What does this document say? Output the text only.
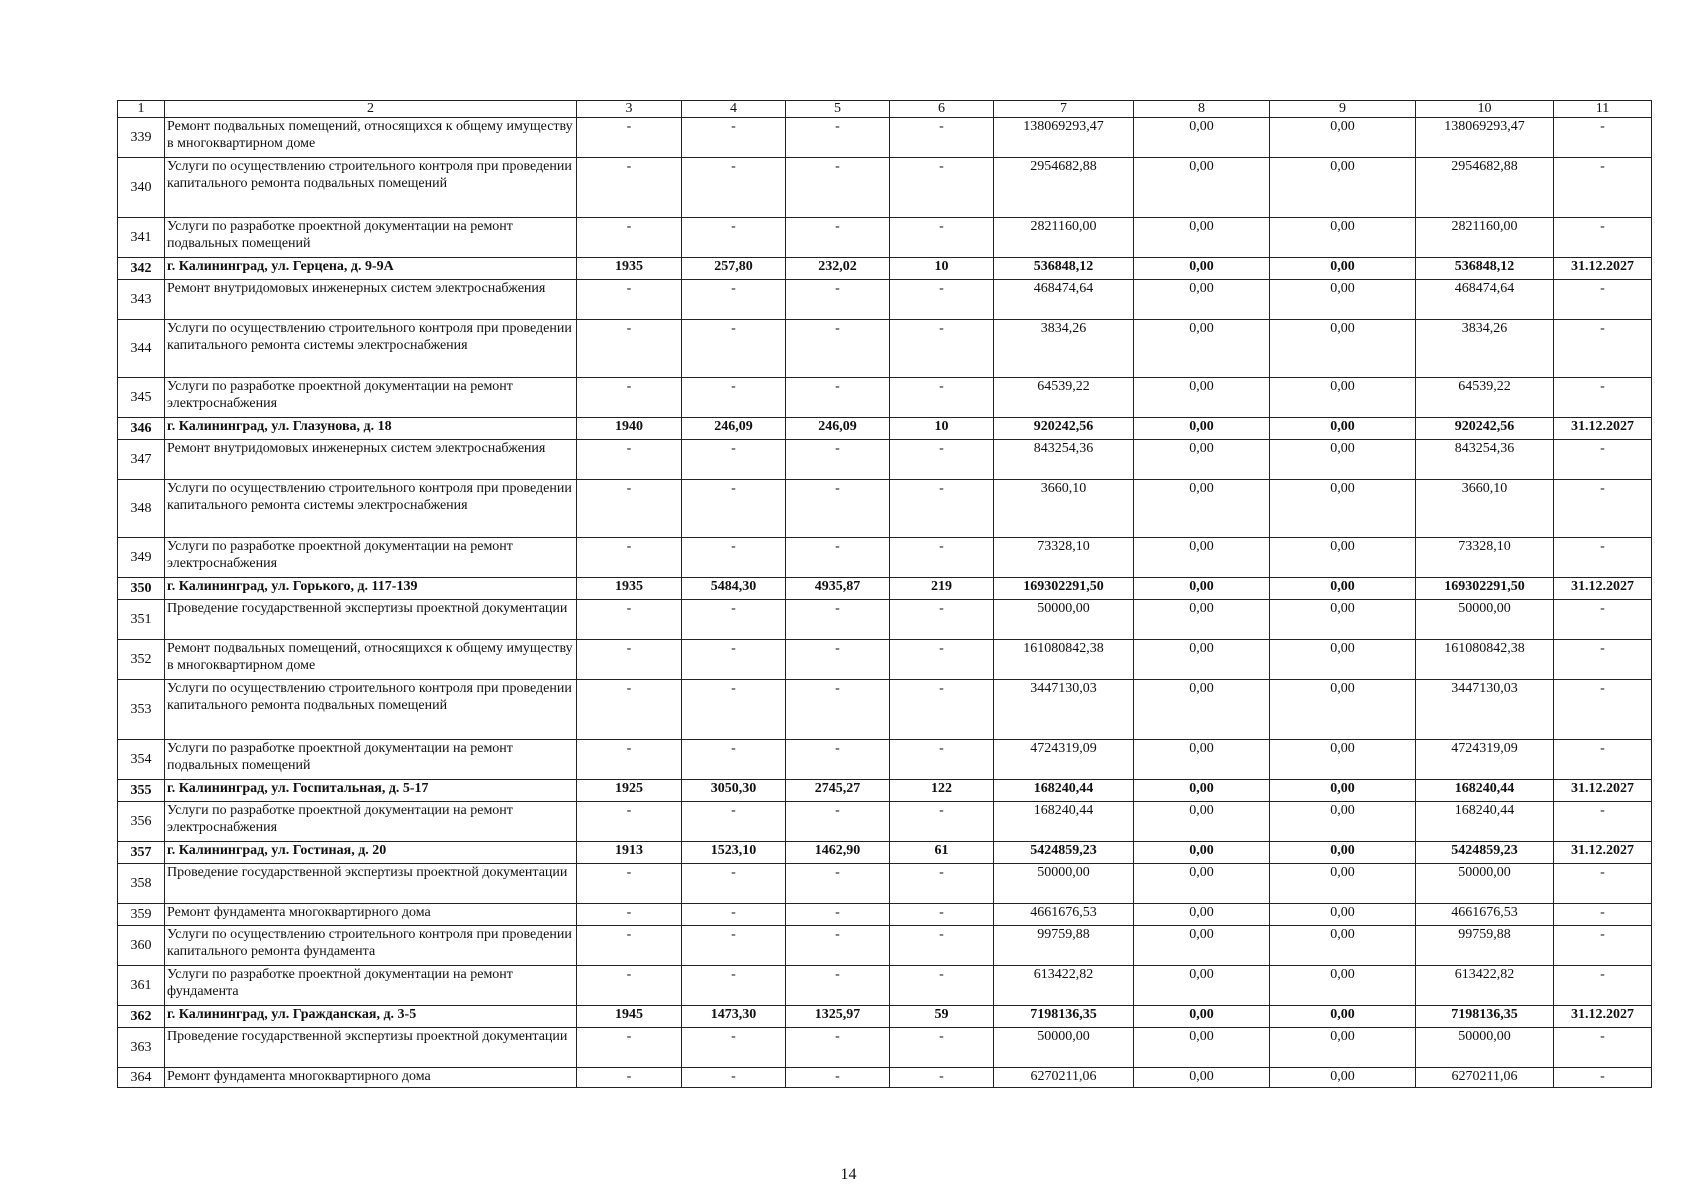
1	2	3	4	5	6	7	8	9	10	11
339	Ремонт подвальных помещений, относящихся к общему имуществу в многоквартирном доме	-	-	-	-	138069293,47	0,00	0,00	138069293,47	-
340	Услуги по осуществлению строительного контроля при проведении капитального ремонта подвальных помещений	-	-	-	-	2954682,88	0,00	0,00	2954682,88	-
341	Услуги по разработке проектной документации на ремонт подвальных помещений	-	-	-	-	2821160,00	0,00	0,00	2821160,00	-
342	г. Калининград, ул. Герцена, д. 9-9А	1935	257,80	232,02	10	536848,12	0,00	0,00	536848,12	31.12.2027
343	Ремонт внутридомовых инженерных систем электроснабжения	-	-	-	-	468474,64	0,00	0,00	468474,64	-
344	Услуги по осуществлению строительного контроля при проведении капитального ремонта системы электроснабжения	-	-	-	-	3834,26	0,00	0,00	3834,26	-
345	Услуги по разработке проектной документации на ремонт электроснабжения	-	-	-	-	64539,22	0,00	0,00	64539,22	-
346	г. Калининград, ул. Глазунова, д. 18	1940	246,09	246,09	10	920242,56	0,00	0,00	920242,56	31.12.2027
347	Ремонт внутридомовых инженерных систем электроснабжения	-	-	-	-	843254,36	0,00	0,00	843254,36	-
348	Услуги по осуществлению строительного контроля при проведении капитального ремонта системы электроснабжения	-	-	-	-	3660,10	0,00	0,00	3660,10	-
349	Услуги по разработке проектной документации на ремонт электроснабжения	-	-	-	-	73328,10	0,00	0,00	73328,10	-
350	г. Калининград, ул. Горького, д. 117-139	1935	5484,30	4935,87	219	169302291,50	0,00	0,00	169302291,50	31.12.2027
351	Проведение государственной экспертизы проектной документации	-	-	-	-	50000,00	0,00	0,00	50000,00	-
352	Ремонт подвальных помещений, относящихся к общему имуществу в многоквартирном доме	-	-	-	-	161080842,38	0,00	0,00	161080842,38	-
353	Услуги по осуществлению строительного контроля при проведении капитального ремонта подвальных помещений	-	-	-	-	3447130,03	0,00	0,00	3447130,03	-
354	Услуги по разработке проектной документации на ремонт подвальных помещений	-	-	-	-	4724319,09	0,00	0,00	4724319,09	-
355	г. Калининград, ул. Госпитальная, д. 5-17	1925	3050,30	2745,27	122	168240,44	0,00	0,00	168240,44	31.12.2027
356	Услуги по разработке проектной документации на ремонт электроснабжения	-	-	-	-	168240,44	0,00	0,00	168240,44	-
357	г. Калининград, ул. Гостиная, д. 20	1913	1523,10	1462,90	61	5424859,23	0,00	0,00	5424859,23	31.12.2027
358	Проведение государственной экспертизы проектной документации	-	-	-	-	50000,00	0,00	0,00	50000,00	-
359	Ремонт фундамента многоквартирного дома	-	-	-	-	4661676,53	0,00	0,00	4661676,53	-
360	Услуги по осуществлению строительного контроля при проведении капитального ремонта фундамента	-	-	-	-	99759,88	0,00	0,00	99759,88	-
361	Услуги по разработке проектной документации на ремонт фундамента	-	-	-	-	613422,82	0,00	0,00	613422,82	-
362	г. Калининград, ул. Гражданская, д. 3-5	1945	1473,30	1325,97	59	7198136,35	0,00	0,00	7198136,35	31.12.2027
363	Проведение государственной экспертизы проектной документации	-	-	-	-	50000,00	0,00	0,00	50000,00	-
364	Ремонт фундамента многоквартирного дома	-	-	-	-	6270211,06	0,00	0,00	6270211,06	-
14
